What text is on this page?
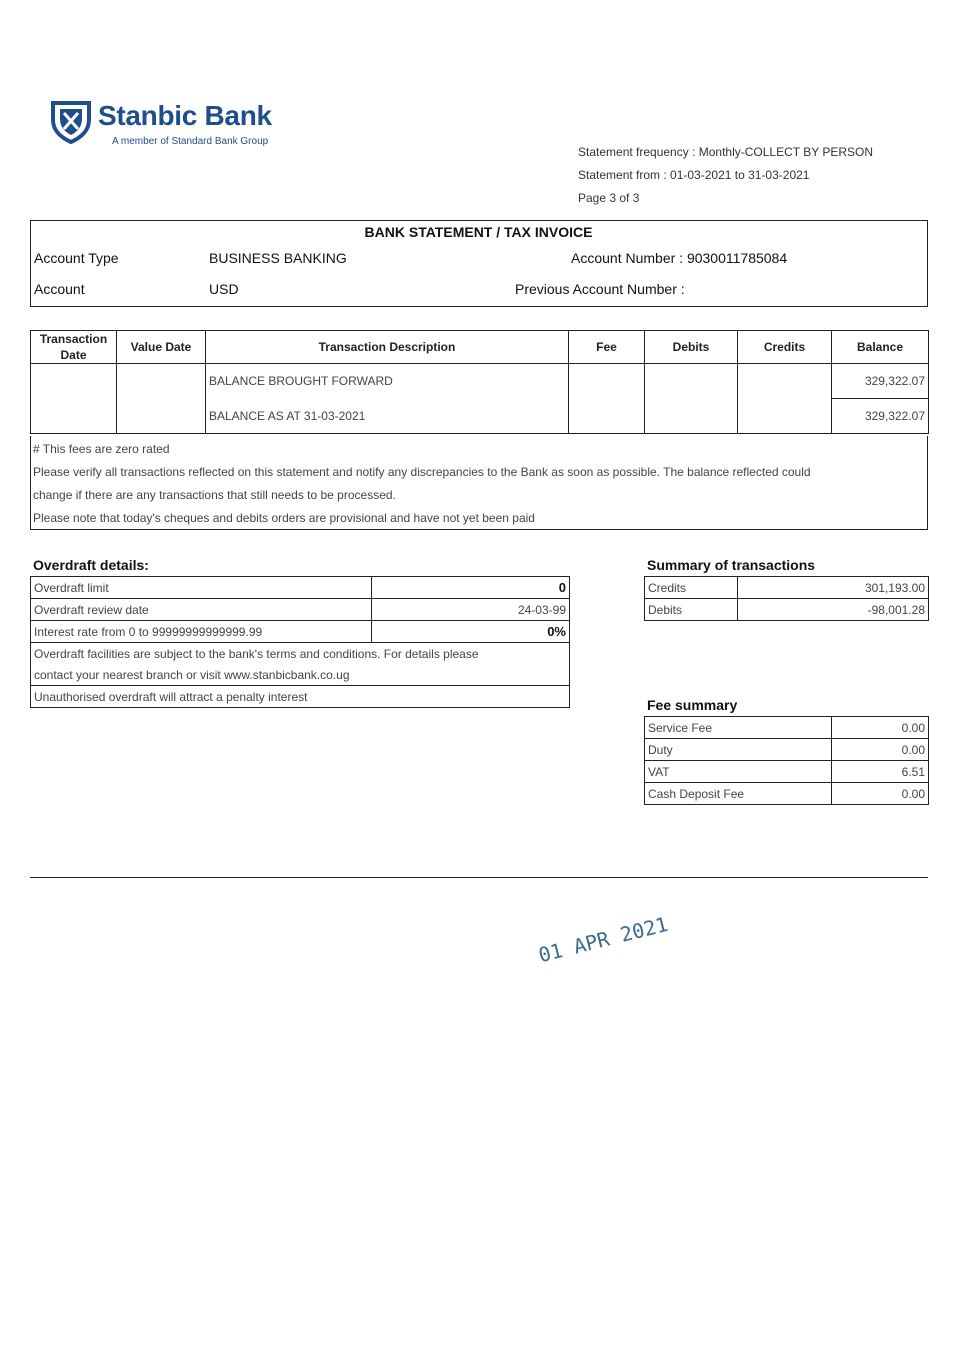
Stanbic Bank
A member of Standard Bank Group
Statement frequency : Monthly-COLLECT BY PERSON
Statement from : 01-03-2021 to 31-03-2021
Page 3 of 3
BANK STATEMENT / TAX INVOICE
Account Type	BUSINESS BANKING	Account Number : 9030011785084
Account	USD	Previous Account Number :
Transaction Date	Value Date	Transaction Description	Fee	Debits	Credits	Balance
		BALANCE BROUGHT FORWARD				329,322.07
		BALANCE AS AT 31-03-2021				329,322.07
# This fees are zero rated
Please verify all transactions reflected on this statement and notify any discrepancies to the Bank as soon as possible. The balance reflected could
change if there are any transactions that still needs to be processed.
Please note that today's cheques and debits orders are provisional and have not yet been paid
Overdraft details:
Overdraft limit	0
Overdraft review date	24-03-99
Interest rate from 0 to 99999999999999.99	0%
Overdraft facilities are subject to the bank's terms and conditions. For details please	
contact your nearest branch or visit www.stanbicbank.co.ug	
Unauthorised overdraft will attract a penalty interest	
Summary of transactions
Credits	301,193.00
Debits	-98,001.28
Fee summary
Service Fee	0.00
Duty	0.00
VAT	6.51
Cash Deposit Fee	0.00
01 APR 2021
